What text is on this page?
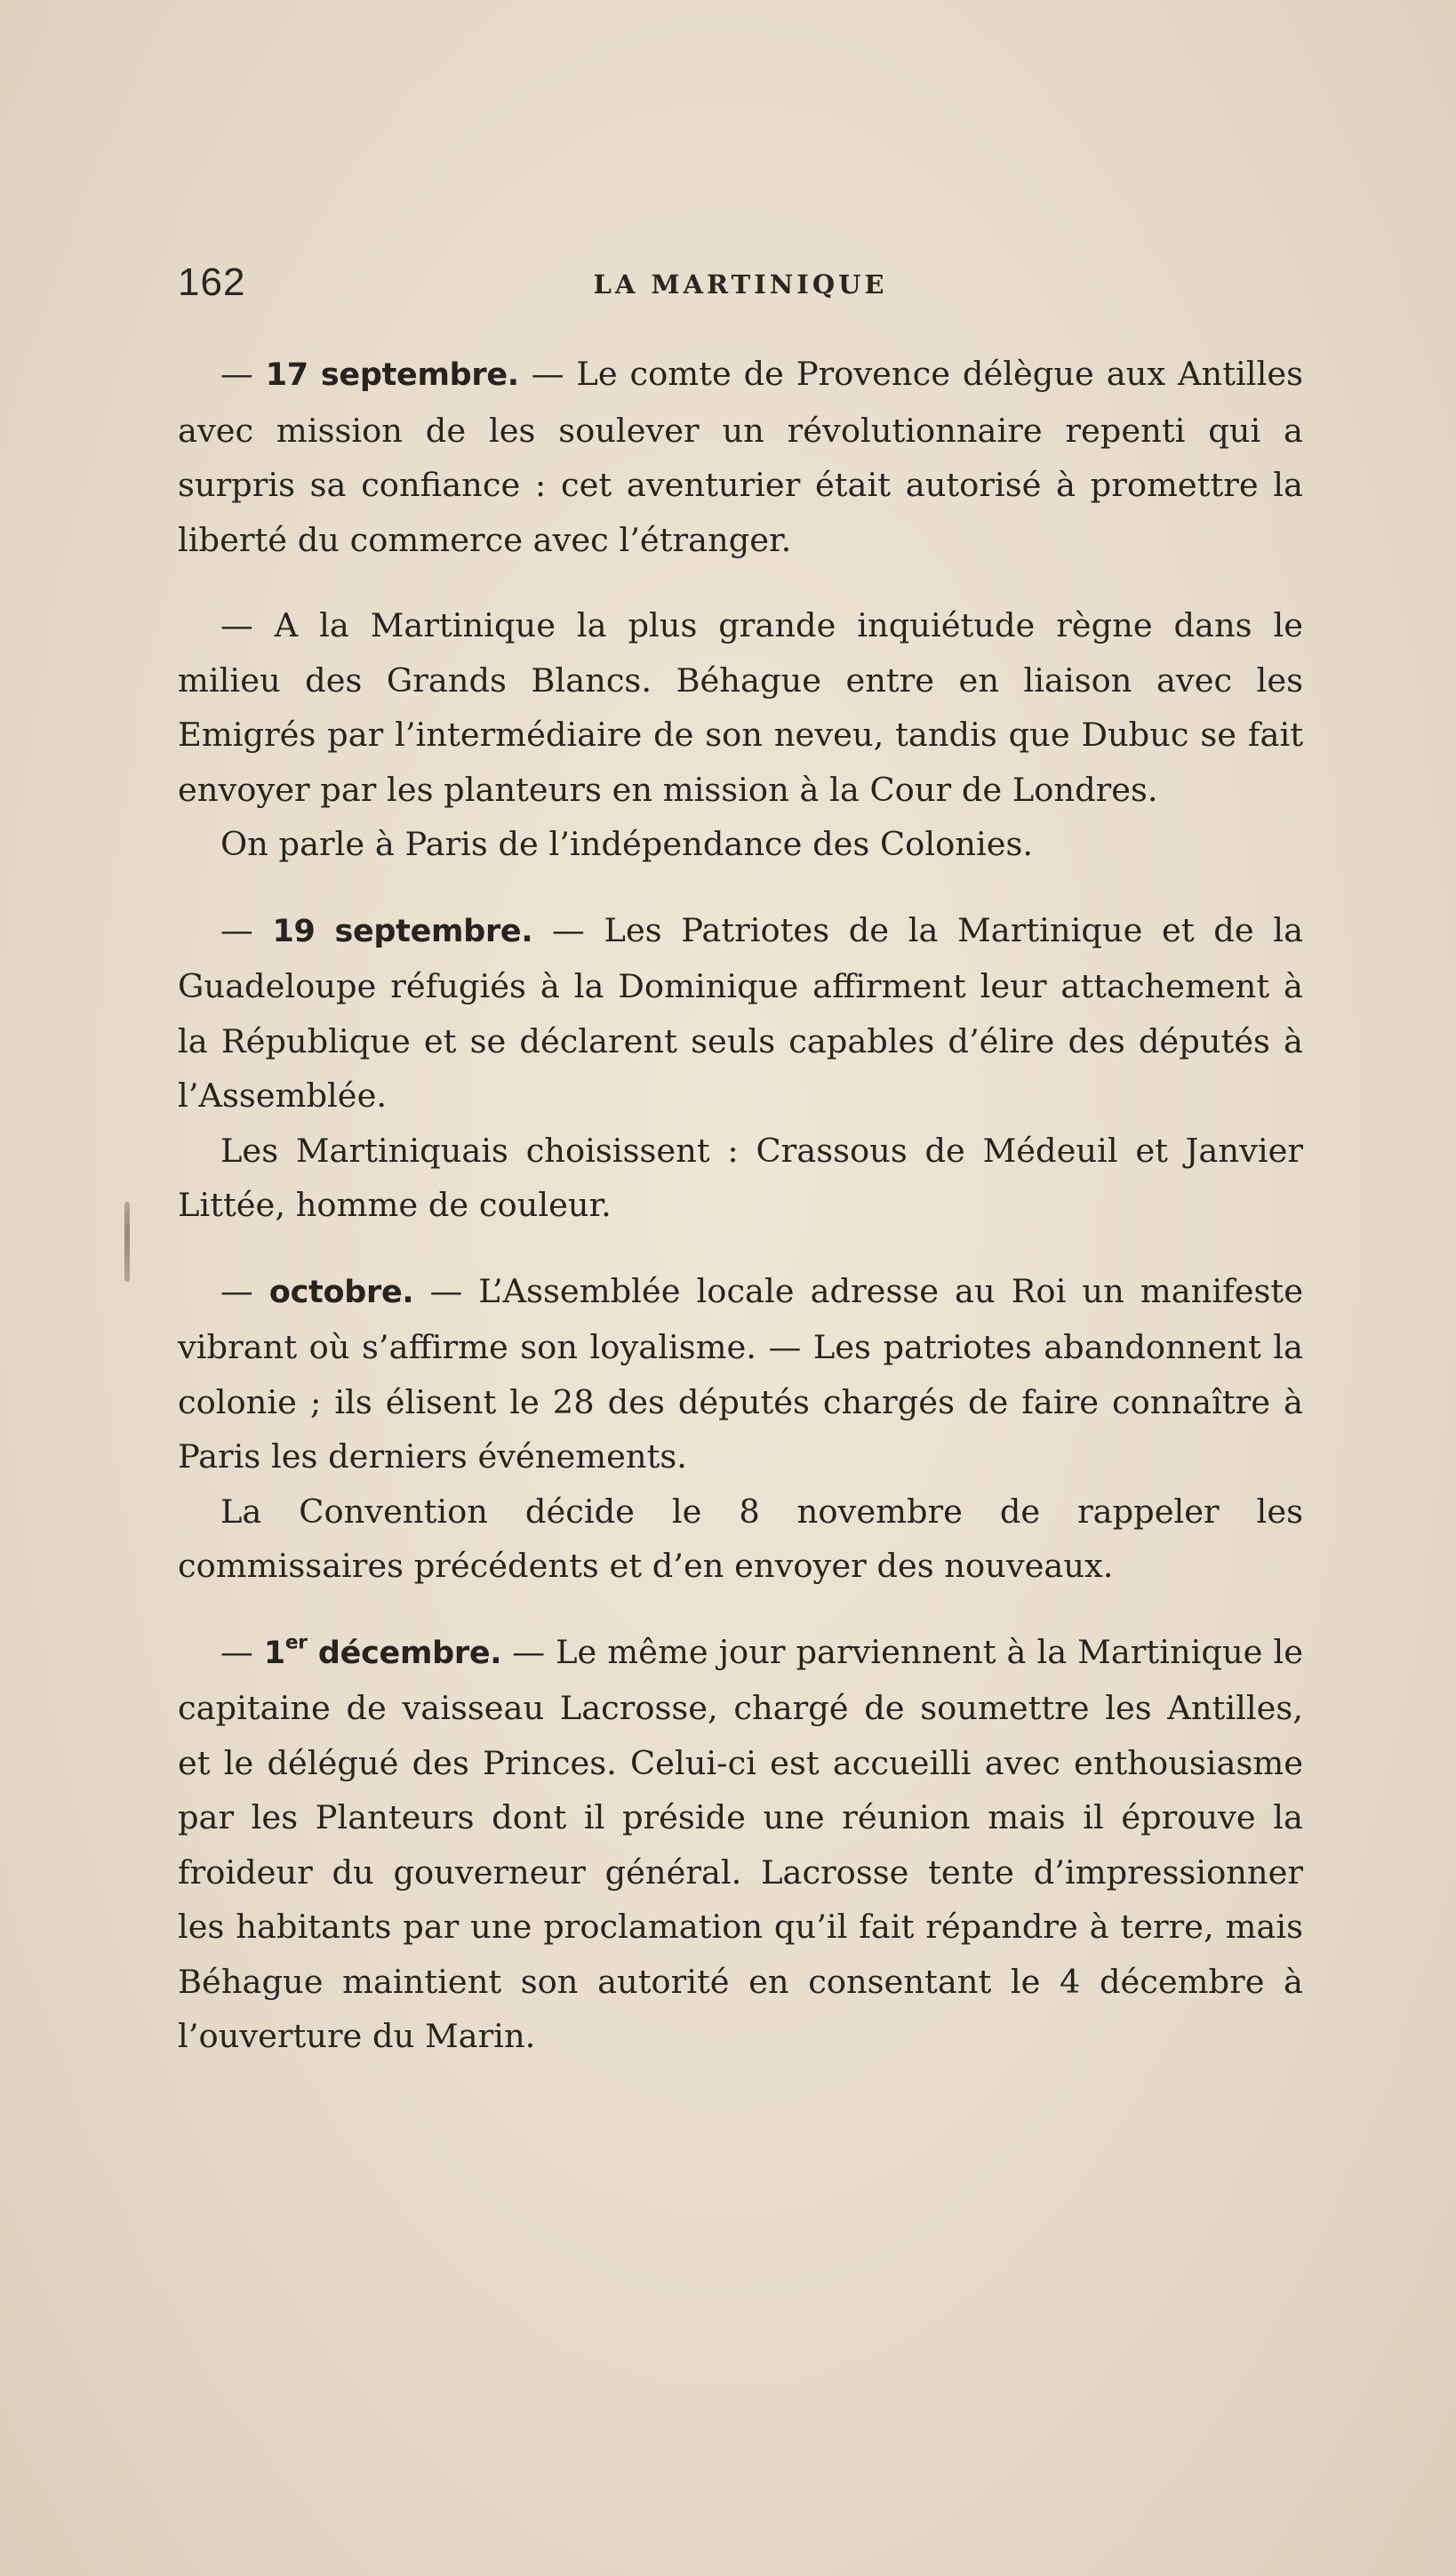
162	LA MARTINIQUE

— 17 septembre. — Le comte de Provence délègue aux Antilles avec mission de les soulever un révolutionnaire repenti qui a surpris sa confiance : cet aventurier était autorisé à promettre la liberté du commerce avec l’étranger.

— A la Martinique la plus grande inquiétude règne dans le milieu des Grands Blancs. Béhague entre en liaison avec les Emigrés par l’intermédiaire de son neveu, tandis que Dubuc se fait envoyer par les planteurs en mission à la Cour de Londres.

On parle à Paris de l’indépendance des Colonies.

— 19 septembre. — Les Patriotes de la Martinique et de la Guadeloupe réfugiés à la Dominique affirment leur attachement à la République et se déclarent seuls capables d’élire des députés à l’Assemblée.

Les Martiniquais choisissent : Crassous de Médeuil et Janvier Littée, homme de couleur.

— octobre. — L’Assemblée locale adresse au Roi un manifeste vibrant où s’affirme son loyalisme. — Les patriotes abandonnent la colonie ; ils élisent le 28 des députés chargés de faire connaître à Paris les derniers événements.

La Convention décide le 8 novembre de rappeler les commissaires précédents et d’en envoyer des nouveaux.

— 1er décembre. — Le même jour parviennent à la Martinique le capitaine de vaisseau Lacrosse, chargé de soumettre les Antilles, et le délégué des Princes. Celui-ci est accueilli avec enthousiasme par les Planteurs dont il préside une réunion mais il éprouve la froideur du gouverneur général. Lacrosse tente d’impressionner les habitants par une proclamation qu’il fait répandre à terre, mais Béhague maintient son autorité en consentant le 4 décembre à l’ouverture du Marin.
